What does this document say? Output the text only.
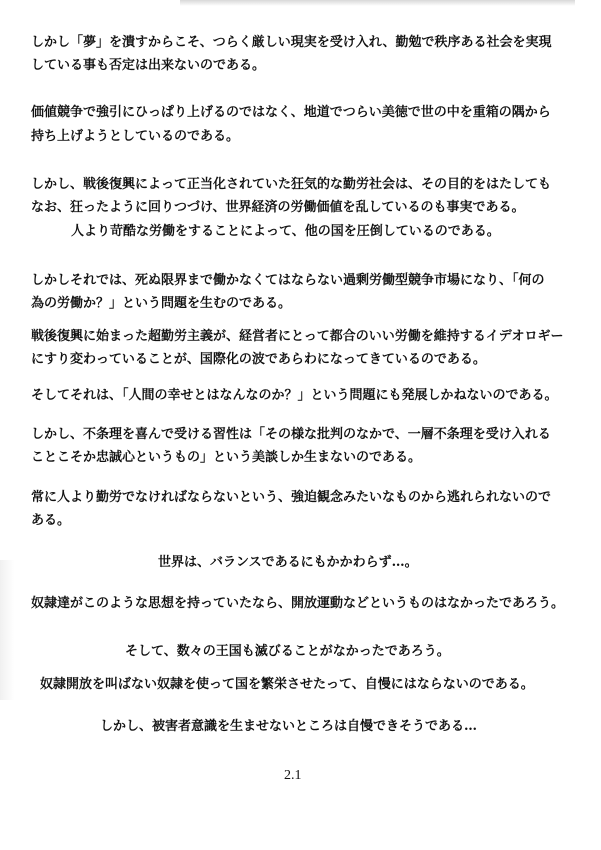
しかし「夢」を潰すからこそ、つらく厳しい現実を受け入れ、勤勉で秩序ある社会を実現
している事も否定は出来ないのである。
価値競争で強引にひっぱり上げるのではなく、地道でつらい美徳で世の中を重箱の隅から
持ち上げようとしているのである。
しかし、戦後復興によって正当化されていた狂気的な勤労社会は、その目的をはたしても
なお、狂ったように回りつづけ、世界経済の労働価値を乱しているのも事実である。
人より苛酷な労働をすることによって、他の国を圧倒しているのである。
しかしそれでは、死ぬ限界まで働かなくてはならない過剰労働型競争市場になり、「何の
為の労働か？」という問題を生むのである。
戦後復興に始まった超勤労主義が、経営者にとって都合のいい労働を維持するイデオロギー
にすり変わっていることが、国際化の波であらわになってきているのである。
そしてそれは、「人間の幸せとはなんなのか？」という問題にも発展しかねないのである。
しかし、不条理を喜んで受ける習性は「その様な批判のなかで、一層不条理を受け入れる
ことこそか忠誠心というもの」という美談しか生まないのである。
常に人より勤労でなければならないという、強迫観念みたいなものから逃れられないので
ある。
世界は、バランスであるにもかかわらず…。
奴隷達がこのような思想を持っていたなら、開放運動などというものはなかったであろう。
そして、数々の王国も滅びることがなかったであろう。
奴隷開放を叫ばない奴隷を使って国を繁栄させたって、自慢にはならないのである。
しかし、被害者意識を生ませないところは自慢できそうである…
2.1
